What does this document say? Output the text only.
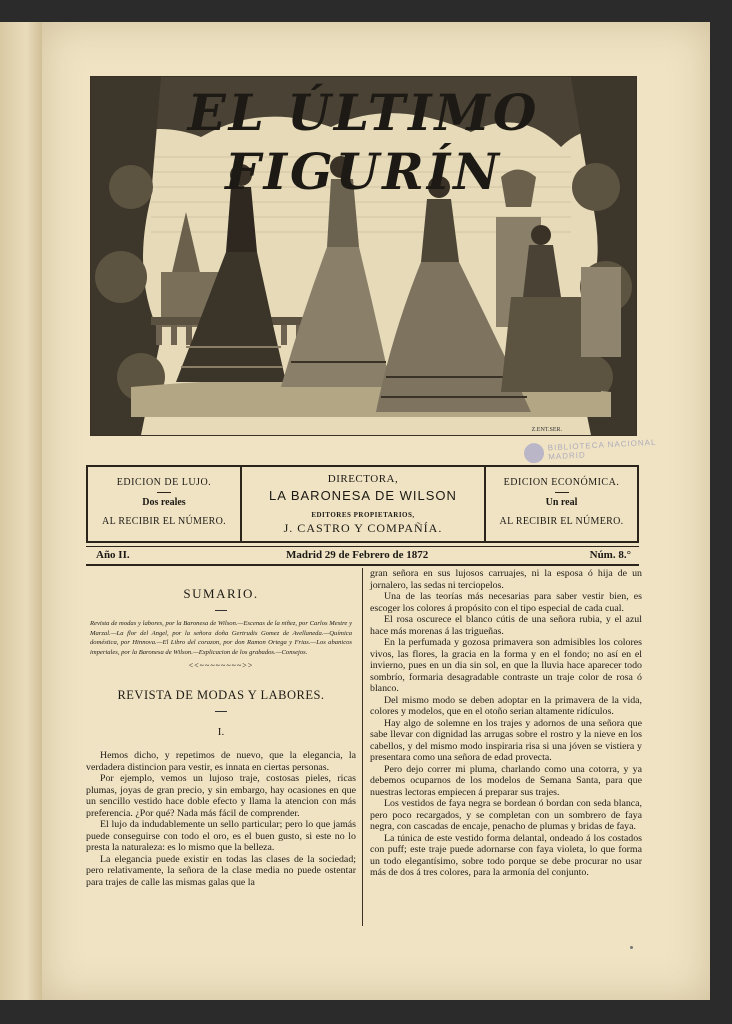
EL ÚLTIMO FIGURÍN
Z.ENT.SER.
BIBLIOTECA NACIONAL MADRID
EDICION DE LUJO.
Dos reales
AL RECIBIR EL NÚMERO.
DIRECTORA,
LA BARONESA DE WILSON
EDITORES PROPIETARIOS,
J. CASTRO Y COMPAÑÍA.
EDICION ECONÓMICA.
Un real
AL RECIBIR EL NÚMERO.
Año II.	Madrid 29 de Febrero de 1872	Núm. 8.°
SUMARIO.
Revista de modas y labores, por la Baronesa de Wilson.—Escenas de la niñez, por Carlos Mestre y Marzal.—La flor del Angel, por la señora doña Gertrudis Gomez de Avellaneda.—Química doméstica, por Hinnova.—El Libro del corazon, por don Ramon Ortega y Frias.—Los abanicos imperiales, por la Baronesa de Wilson.—Explicacion de los grabados.—Consejos.
<<~~~~~~~~>>
REVISTA DE MODAS Y LABORES.
I.

Hemos dicho, y repetimos de nuevo, que la elegancia, la verdadera distincion para vestir, es innata en ciertas personas.

Por ejemplo, vemos un lujoso traje, costosas pieles, ricas plumas, joyas de gran precio, y sin embargo, hay ocasiones en que un sencillo vestido hace doble efecto y llama la atencion con más preferencia. ¿Por qué? Nada más fácil de comprender.

El lujo da indudablemente un sello particular; pero lo que jamás puede conseguirse con todo el oro, es el buen gusto, si este no lo presta la naturaleza: es lo mismo que la belleza.

La elegancia puede existir en todas las clases de la sociedad; pero relativamente, la señora de la clase media no puede ostentar para trajes de calle las mismas galas que la

gran señora en sus lujosos carruajes, ni la esposa ó hija de un jornalero, las sedas ni terciopelos.

Una de las teorías más necesarias para saber vestir bien, es escoger los colores á propósito con el tipo especial de cada cual.

El rosa oscurece el blanco cútis de una señora rubia, y el azul hace más morenas á las trigueñas.

En la perfumada y gozosa primavera son admisibles los colores vivos, las flores, la gracia en la forma y en el fondo; no así en el invierno, pues en un dia sin sol, en que la lluvia hace aparecer todo sombrío, formaria desagradable contraste un traje color de rosa ó blanco.

Del mismo modo se deben adoptar en la primavera de la vida, colores y modelos, que en el otoño serian altamente ridículos.

Hay algo de solemne en los trajes y adornos de una señora que sabe llevar con dignidad las arrugas sobre el rostro y la nieve en los cabellos, y del mismo modo inspiraria risa si una jóven se vistiera y presentara como una señora de edad provecta.

Pero dejo correr mi pluma, charlando como una cotorra, y ya debemos ocuparnos de los modelos de Semana Santa, para que nuestras lectoras empiecen á preparar sus trajes.

Los vestidos de faya negra se bordean ó bordan con seda blanca, pero poco recargados, y se completan con un sombrero de faya negra, con cascadas de encaje, penacho de plumas y bridas de faya.

La túnica de este vestido forma delantal, ondeado á los costados con puff; este traje puede adornarse con faya violeta, lo que forma un todo elegantísimo, sobre todo porque se debe procurar no usar más de dos á tres colores, para la armonía del conjunto.
